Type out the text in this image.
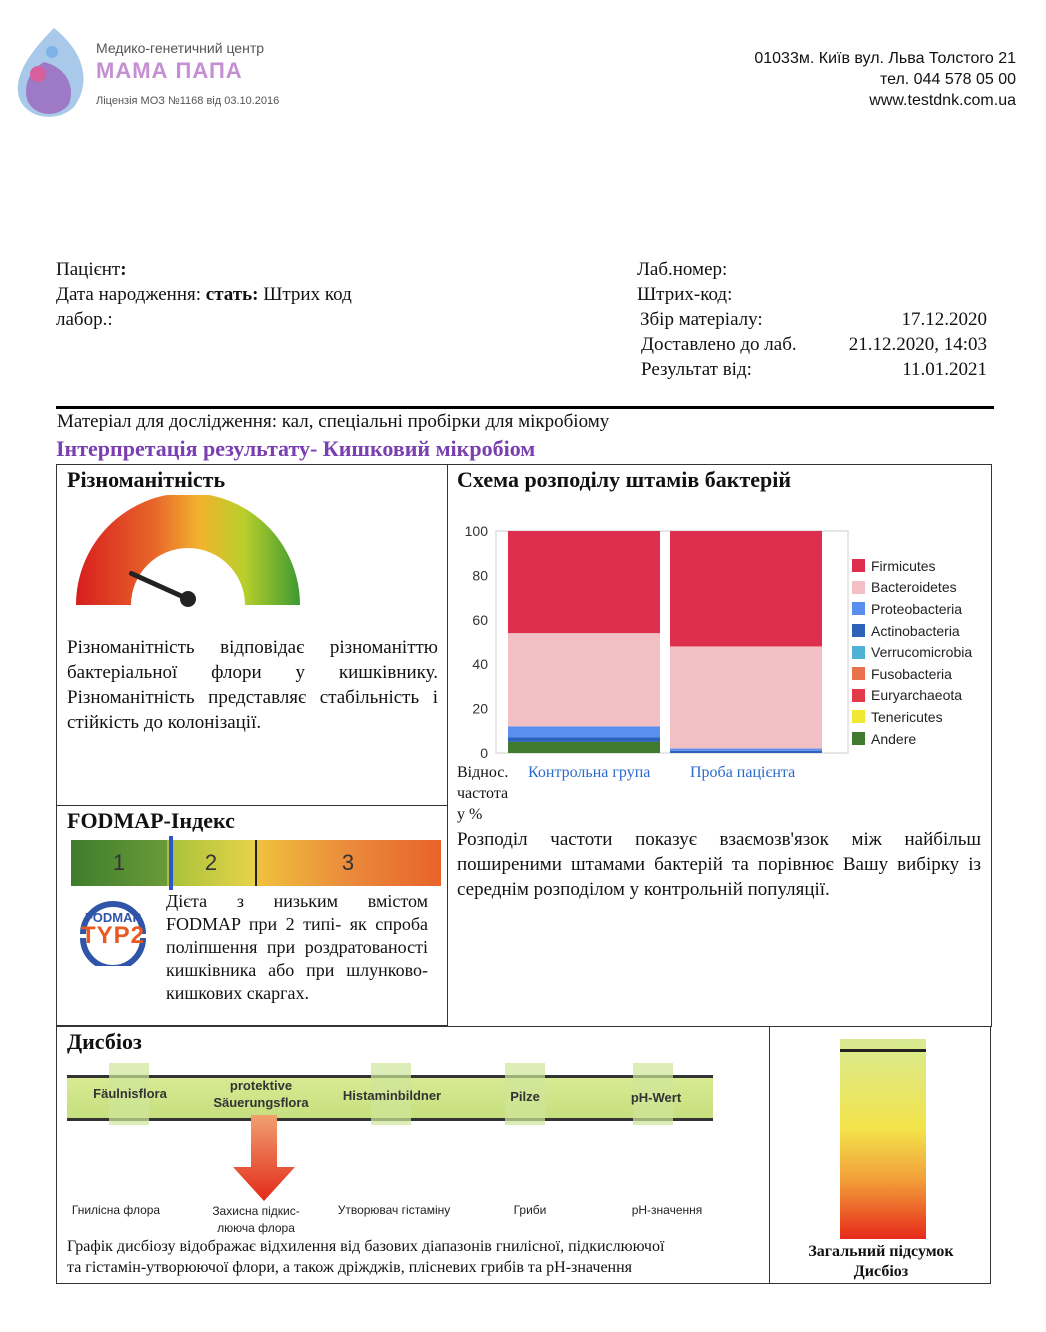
Медико-генетичний центр
МАМА ПАПА
Ліцензія МОЗ №1168 від 03.10.2016
01033м. Київ вул. Льва Толстого 21
тел. 044 578 05 00
www.testdnk.com.ua
Пацієнт:
Дата народження: стать: Штрих код
лабор.:
Лаб.номер:
Штрих-код:
Збір матеріалу:	17.12.2020
Доставлено до лаб.	21.12.2020, 14:03
Результат від:	11.01.2021
Матеріал для дослідження: кал, спеціальні пробірки для мікробіому
Інтерпретація результату- Кишковий мікробіом
Різноманітність
Різноманітність відповідає різноманіттю бактеріальної флори у кишківнику. Різноманітність представляє стабільність і стійкість до колонізації.
FODMAP-Індекс
1	2	3
FODMAP
TYP2
Дієта з низьким вмістом FODMAP при 2 типі- як спроба поліпшення при роздратованості кишківника або при шлунково-кишкових скаргах.
Схема розподілу штамів бактерій
0
20
40
60
80
100
Firmicutes
Bacteroidetes
Proteobacteria
Actinobacteria
Verrucomicrobia
Fusobacteria
Euryarchaeota
Tenericutes
Andere
Віднос.
частота
у %
Контрольна група Проба пацієнта
Розподіл частоти показує взаємозв'язок між найбільш поширеними штамами бактерій та порівнює Вашу вибірку із середнім розподілом у контрольній популяції.
Дисбіоз
Fäulnisflora
protektive Säuerungsflora	Histaminbildner	Pilze	pH-Wert
Гнилісна флора	Захисна підкис-лююча флора
Утворювач гістаміну	Гриби	pH-значення
Графік дисбіозу відображає відхилення від базових діапазонів гнилісної, підкислюючої
та гістамін-утворюючої флори, а також дріжджів, плісневих грибів та pH-значення
Загальний підсумок
Дисбіоз
